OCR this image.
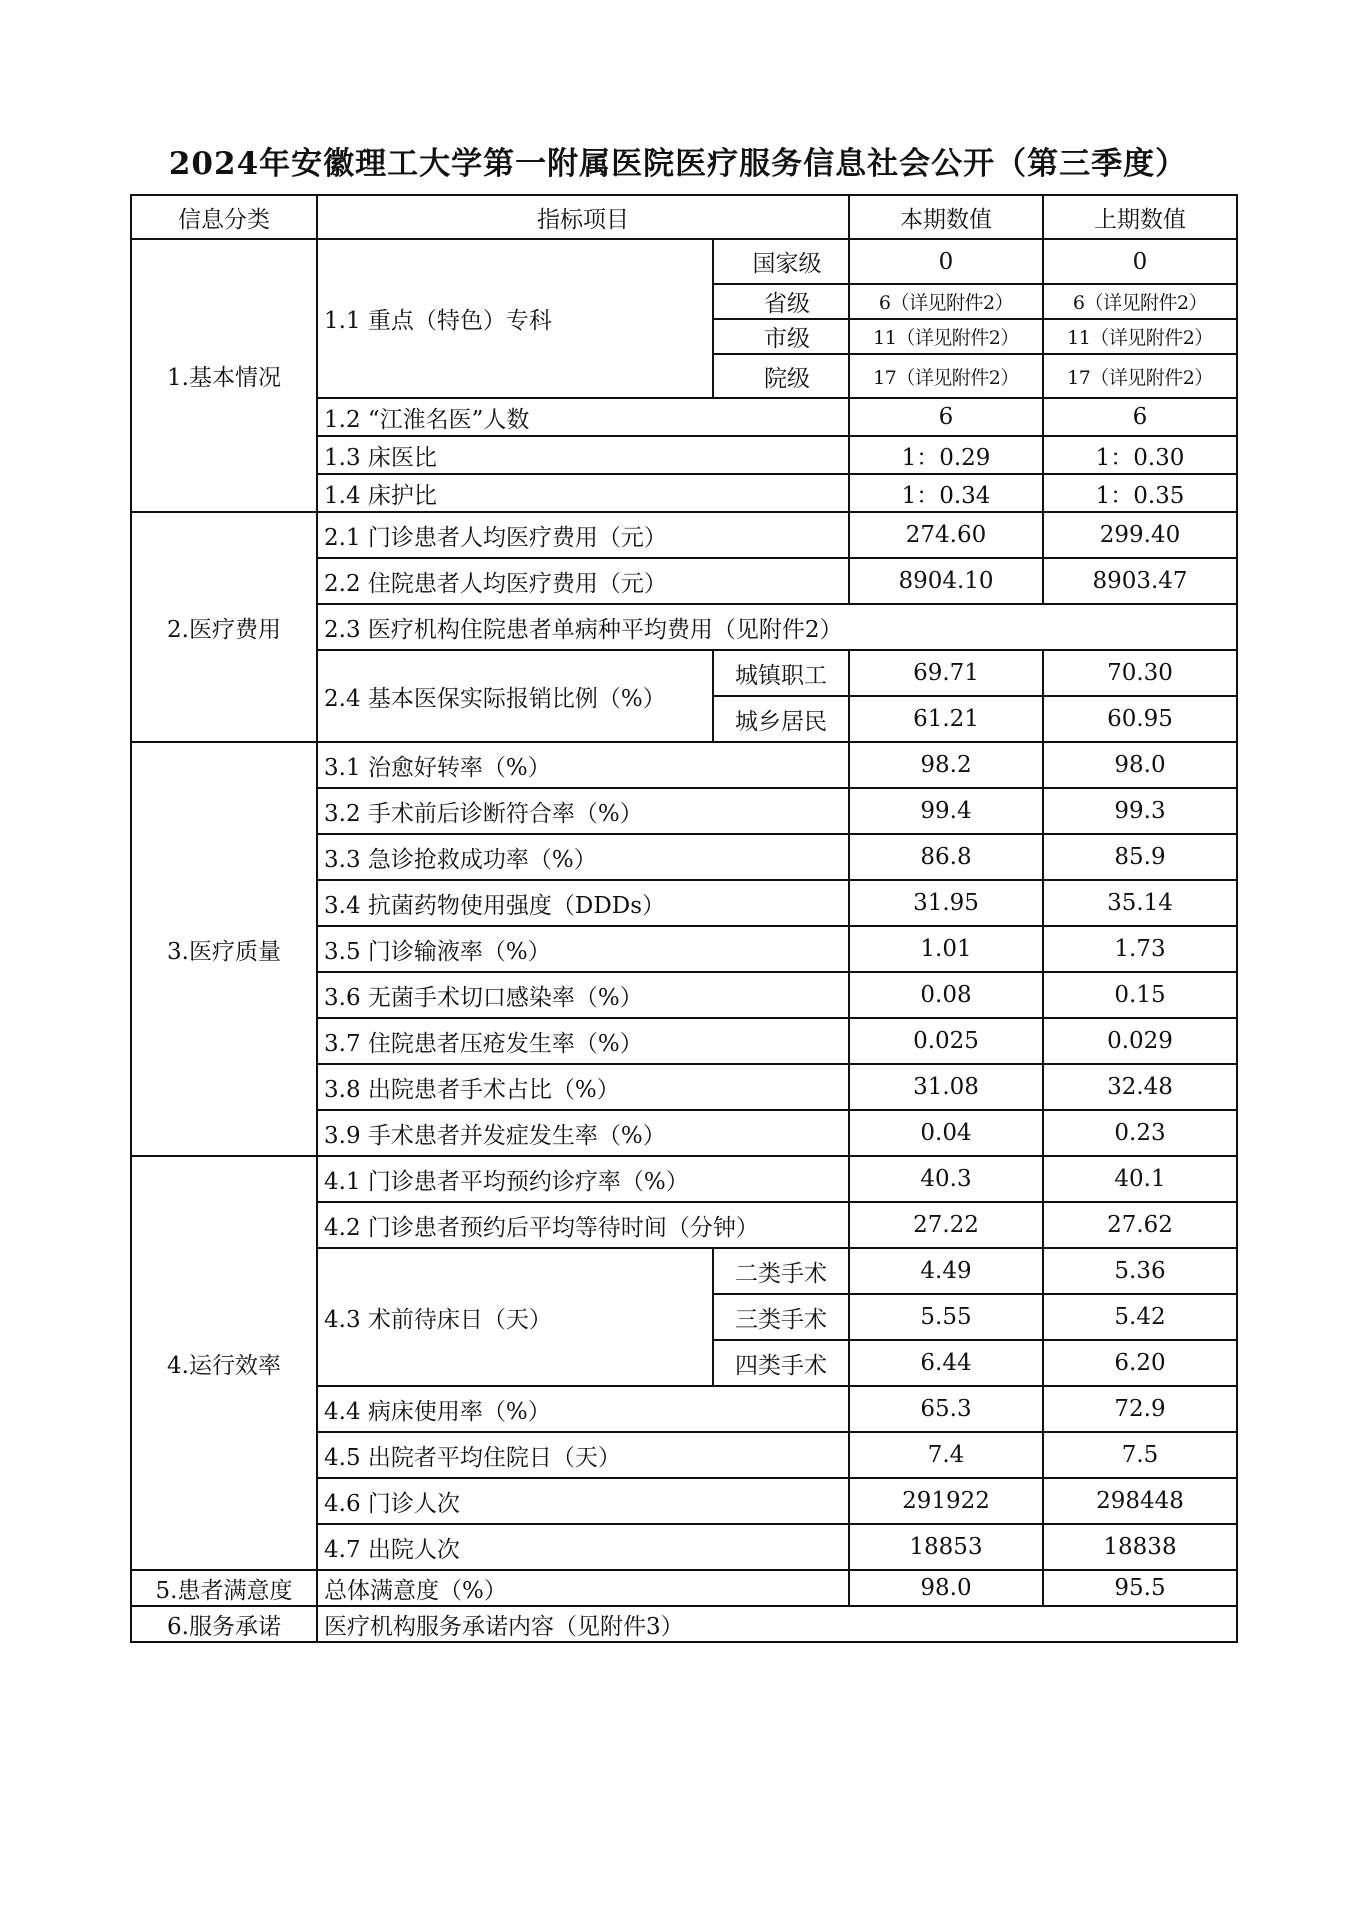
2024年安徽理工大学第一附属医院医疗服务信息社会公开（第三季度）
信息分类	指标项目		本期数值	上期数值
1.基本情况	1.1 重点（特色）专科	国家级	0	0
		省级	6（详见附件2）	6（详见附件2）
		市级	11（详见附件2）	11（详见附件2）
		院级	17（详见附件2）	17（详见附件2）
	1.2 “江淮名医”人数		6	6
	1.3 床医比		1：0.29	1：0.30
	1.4 床护比		1：0.34	1：0.35
2.医疗费用	2.1 门诊患者人均医疗费用（元）		274.60	299.40
	2.2 住院患者人均医疗费用（元）		8904.10	8903.47
	2.3 医疗机构住院患者单病种平均费用（见附件2）			
	2.4 基本医保实际报销比例（%）	城镇职工	69.71	70.30
		城乡居民	61.21	60.95
3.医疗质量	3.1 治愈好转率（%）		98.2	98.0
	3.2 手术前后诊断符合率（%）		99.4	99.3
	3.3 急诊抢救成功率（%）		86.8	85.9
	3.4 抗菌药物使用强度（DDDs）		31.95	35.14
	3.5 门诊输液率（%）		1.01	1.73
	3.6 无菌手术切口感染率（%）		0.08	0.15
	3.7 住院患者压疮发生率（%）		0.025	0.029
	3.8 出院患者手术占比（%）		31.08	32.48
	3.9 手术患者并发症发生率（%）		0.04	0.23
4.运行效率	4.1 门诊患者平均预约诊疗率（%）		40.3	40.1
	4.2 门诊患者预约后平均等待时间（分钟）		27.22	27.62
	4.3 术前待床日（天）	二类手术	4.49	5.36
		三类手术	5.55	5.42
		四类手术	6.44	6.20
	4.4 病床使用率（%）		65.3	72.9
	4.5 出院者平均住院日（天）		7.4	7.5
	4.6 门诊人次		291922	298448
	4.7 出院人次		18853	18838
5.患者满意度	总体满意度（%）		98.0	95.5
6.服务承诺	医疗机构服务承诺内容（见附件3）			
